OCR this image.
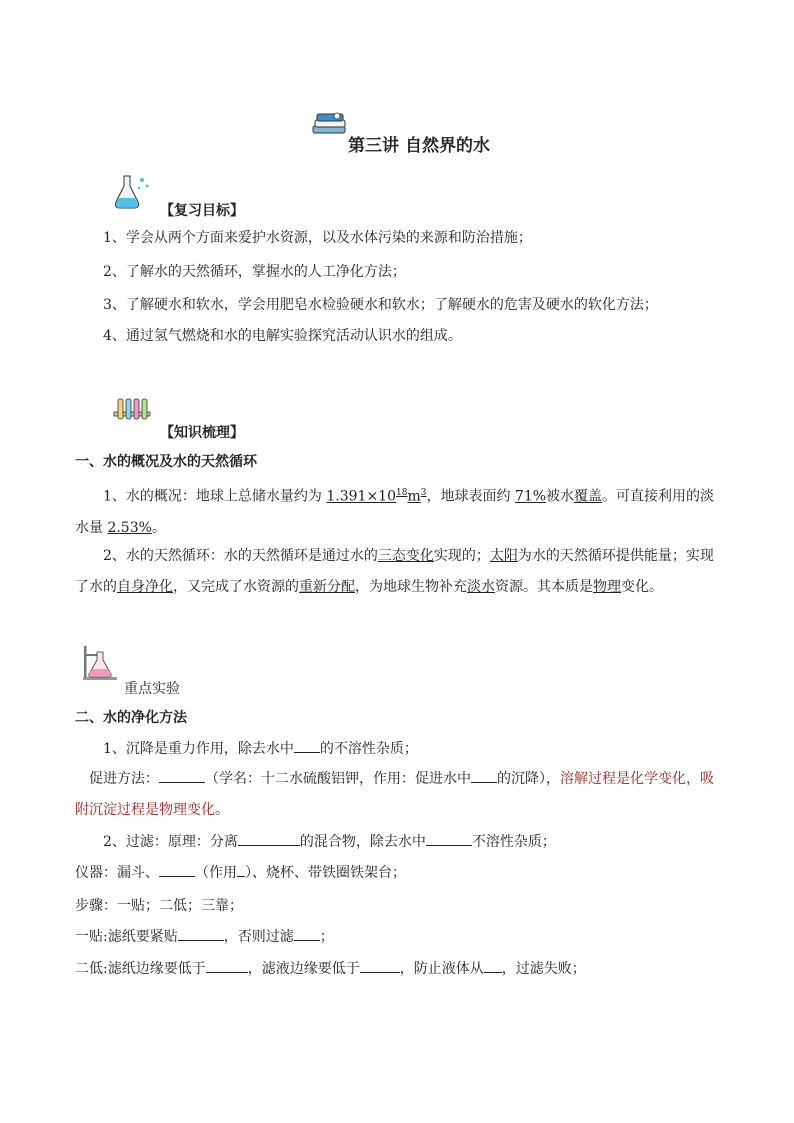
第三讲 自然界的水
【复习目标】
1、学会从两个方面来爱护水资源，以及水体污染的来源和防治措施；
2、了解水的天然循环，掌握水的人工净化方法；
3、了解硬水和软水，学会用肥皂水检验硬水和软水；了解硬水的危害及硬水的软化方法；
4、通过氢气燃烧和水的电解实验探究活动认识水的组成。
【知识梳理】
一、水的概况及水的天然循环
1、水的概况：地球上总储水量约为 $1.391\times 10^{18}m^3$，地球表面约 71%被水覆盖。可直接利用的淡水量 2.53%。
2、水的天然循环：水的天然循环是通过水的三态变化实现的；太阳为水的天然循环提供能量；实现了水的自身净化，又完成了水资源的重新分配，为地球生物补充淡水资源。其本质是物理变化。
重点实验
二、水的净化方法
1、沉降是重力作用，除去水中 的不溶性杂质；
促进方法：	（学名：十二水硫酸铝钾，作用：促进水中 的沉降），溶解过程是化学变化，吸附沉淀过程是物理变化。
2、过滤：原理：分离	的混合物，除去水中	不溶性杂质；
仪器：漏斗、	（作用 ）、烧杯、带铁圈铁架台；
步骤：一贴；二低；三靠；
一贴:滤纸要紧贴	，否则过滤 ；
二低:滤纸边缘要低于	，滤液边缘要低于	，防止液体从 ，过滤失败；
